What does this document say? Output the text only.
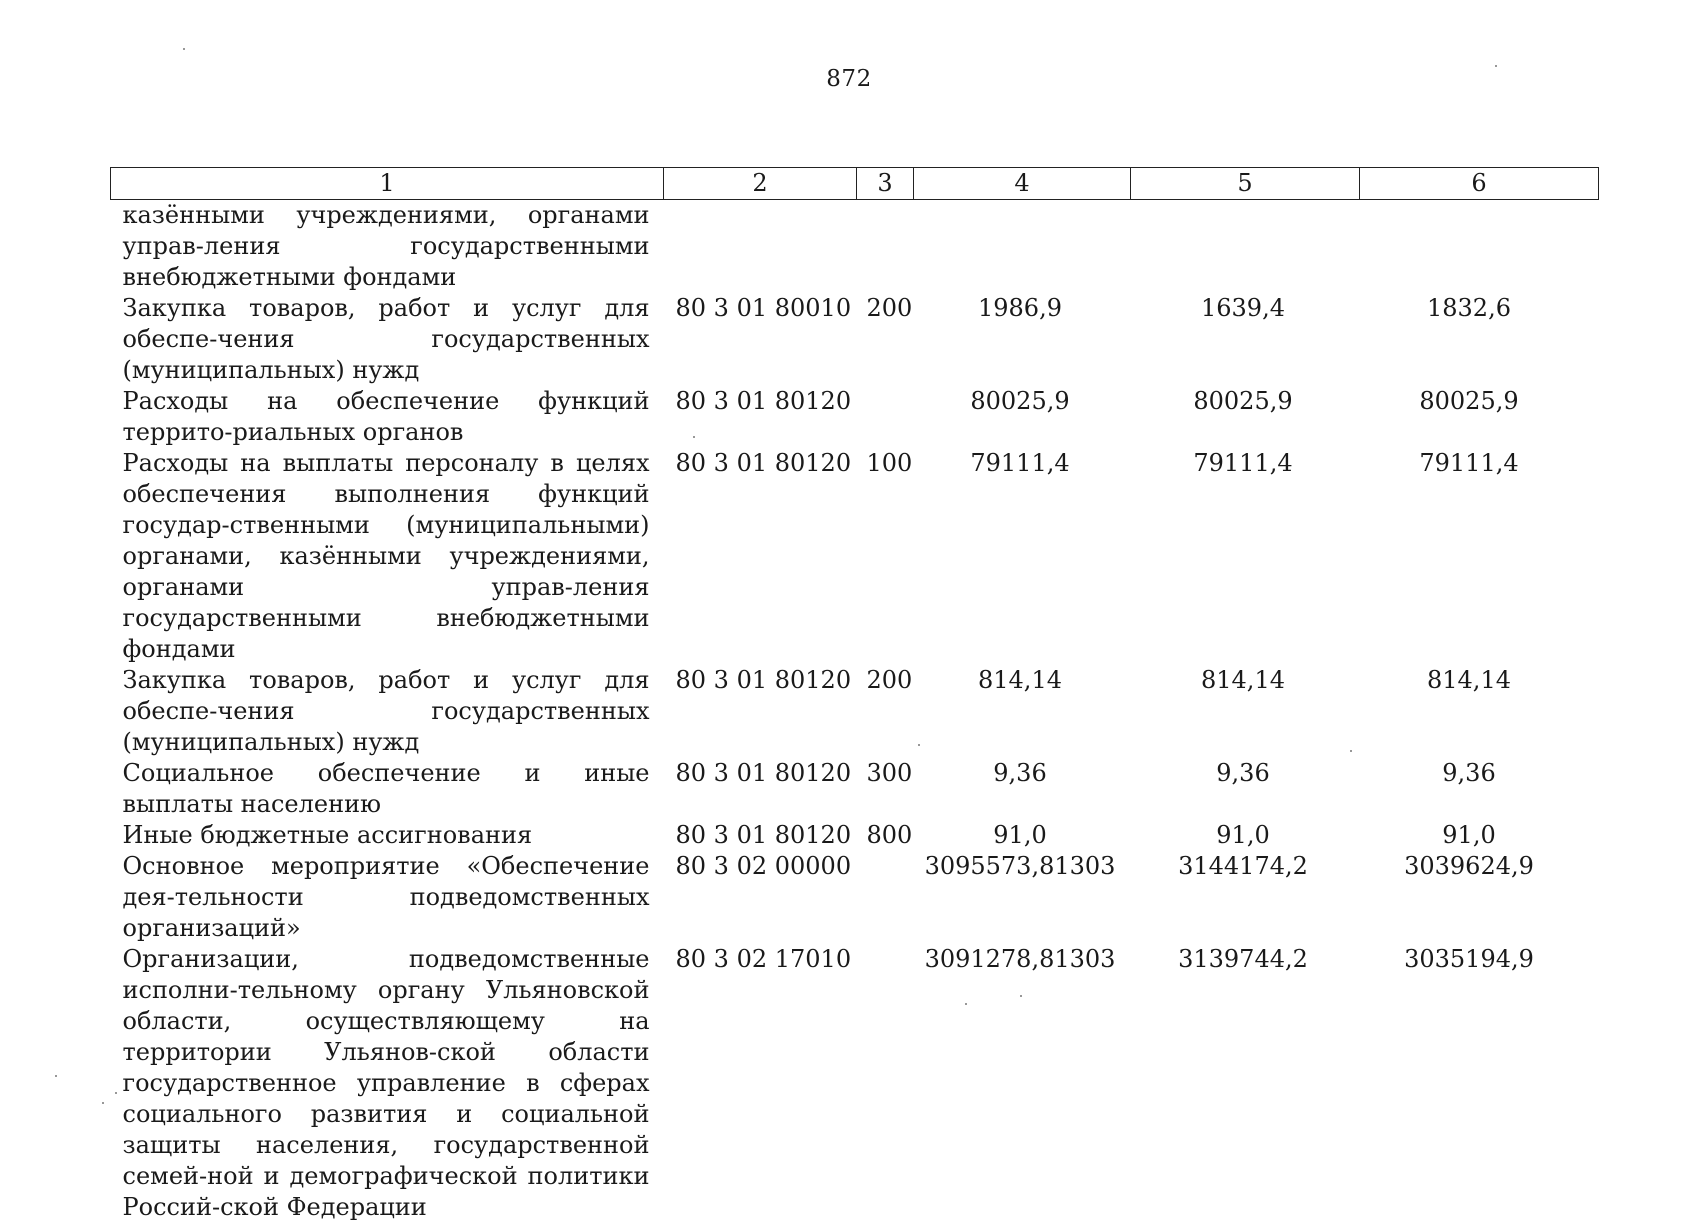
872
1	2	3	4	5	6
казёнными учреждениями, органами управ-ления государственными внебюджетными фондами					
Закупка товаров, работ и услуг для обеспе-чения государственных (муниципальных) нужд	80 3 01 80010	200	1986,9	1639,4	1832,6
Расходы на обеспечение функций террито-риальных органов	80 3 01 80120		80025,9	80025,9	80025,9
Расходы на выплаты персоналу в целях обеспечения выполнения функций государ-ственными (муниципальными) органами, казёнными учреждениями, органами управ-ления государственными внебюджетными фондами	80 3 01 80120	100	79111,4	79111,4	79111,4
Закупка товаров, работ и услуг для обеспе-чения государственных (муниципальных) нужд	80 3 01 80120	200	814,14	814,14	814,14
Социальное обеспечение и иные выплаты населению	80 3 01 80120	300	9,36	9,36	9,36
Иные бюджетные ассигнования	80 3 01 80120	800	91,0	91,0	91,0
Основное мероприятие «Обеспечение дея-тельности подведомственных организаций»	80 3 02 00000		3095573,81303	3144174,2	3039624,9
Организации, подведомственные исполни-тельному органу Ульяновской области, осуществляющему на территории Ульянов-ской области государственное управление в сферах социального развития и социальной защиты населения, государственной семей-ной и демографической политики Россий-ской Федерации	80 3 02 17010		3091278,81303	3139744,2	3035194,9
